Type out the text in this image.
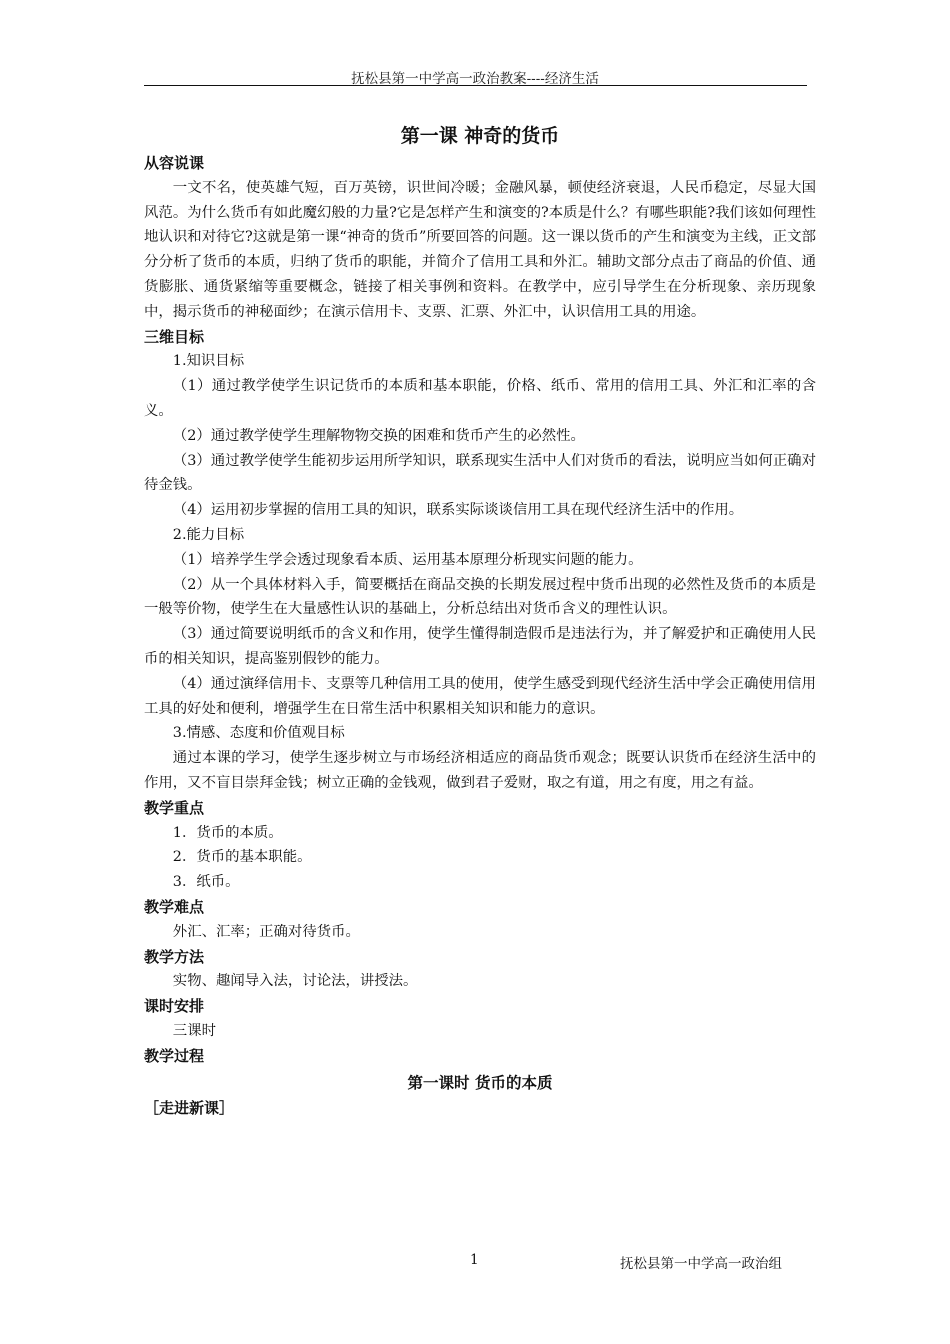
抚松县第一中学高一政治教案----经济生活
第一课 神奇的货币
从容说课

一文不名，使英雄气短，百万英镑，识世间冷暖；金融风暴，顿使经济衰退，人民币稳定，尽显大国风范。为什么货币有如此魔幻般的力量?它是怎样产生和演变的?本质是什么？有哪些职能?我们该如何理性地认识和对待它?这就是第一课“神奇的货币”所要回答的问题。这一课以货币的产生和演变为主线，正文部分分析了货币的本质，归纳了货币的职能，并简介了信用工具和外汇。辅助文部分点击了商品的价值、通货膨胀、通货紧缩等重要概念，链接了相关事例和资料。在教学中，应引导学生在分析现象、亲历现象中，揭示货币的神秘面纱；在演示信用卡、支票、汇票、外汇中，认识信用工具的用途。

三维目标

1.知识目标

（1）通过教学使学生识记货币的本质和基本职能，价格、纸币、常用的信用工具、外汇和汇率的含义。

（2）通过教学使学生理解物物交换的困难和货币产生的必然性。

（3）通过教学使学生能初步运用所学知识，联系现实生活中人们对货币的看法，说明应当如何正确对待金钱。

（4）运用初步掌握的信用工具的知识，联系实际谈谈信用工具在现代经济生活中的作用。

2.能力目标

（1）培养学生学会透过现象看本质、运用基本原理分析现实问题的能力。

（2）从一个具体材料入手，简要概括在商品交换的长期发展过程中货币出现的必然性及货币的本质是一般等价物，使学生在大量感性认识的基础上，分析总结出对货币含义的理性认识。

（3）通过简要说明纸币的含义和作用，使学生懂得制造假币是违法行为，并了解爱护和正确使用人民币的相关知识，提高鉴别假钞的能力。

（4）通过演绎信用卡、支票等几种信用工具的使用，使学生感受到现代经济生活中学会正确使用信用工具的好处和便利，增强学生在日常生活中积累相关知识和能力的意识。

3.情感、态度和价值观目标

通过本课的学习，使学生逐步树立与市场经济相适应的商品货币观念；既要认识货币在经济生活中的作用，又不盲目崇拜金钱；树立正确的金钱观，做到君子爱财，取之有道，用之有度，用之有益。

教学重点

1．货币的本质。

2．货币的基本职能。

3．纸币。

教学难点

外汇、汇率；正确对待货币。

教学方法

实物、趣闻导入法，讨论法，讲授法。

课时安排

三课时

教学过程
第一课时 货币的本质
［走进新课］
1	抚松县第一中学高一政治组
